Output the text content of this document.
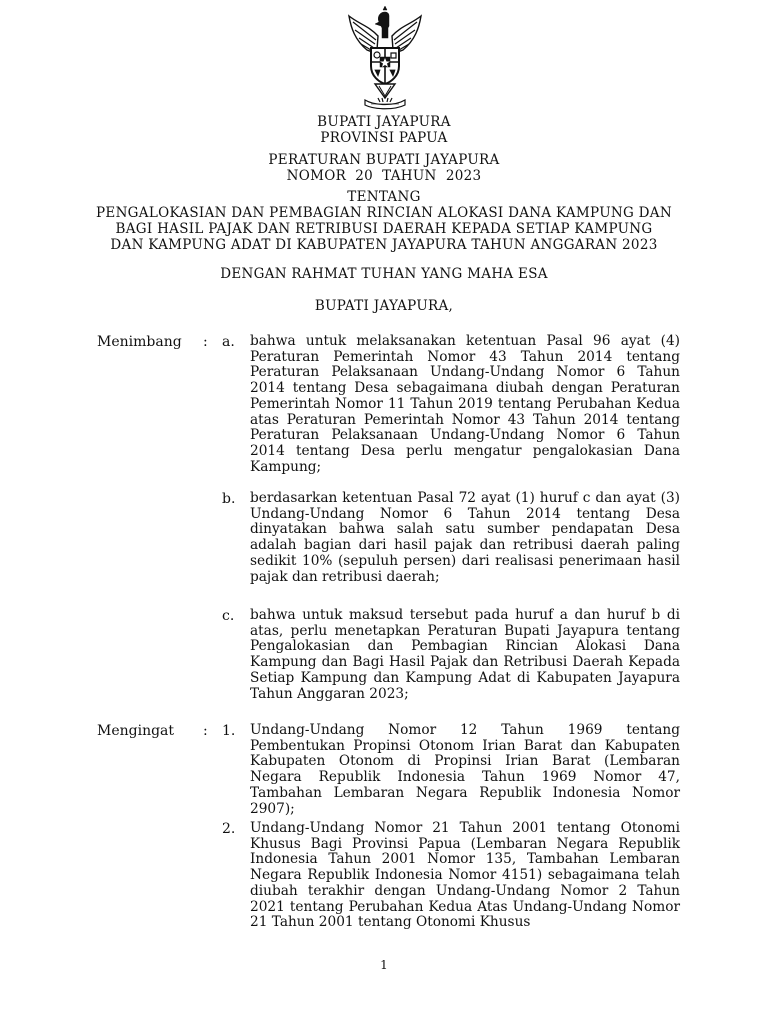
BUPATI JAYAPURA
PROVINSI PAPUA
PERATURAN BUPATI JAYAPURA
NOMOR  20  TAHUN  2023
TENTANG
PENGALOKASIAN DAN PEMBAGIAN RINCIAN ALOKASI DANA KAMPUNG DAN
BAGI HASIL PAJAK DAN RETRIBUSI DAERAH KEPADA SETIAP KAMPUNG
DAN KAMPUNG ADAT DI KABUPATEN JAYAPURA TAHUN ANGGARAN 2023
DENGAN RAHMAT TUHAN YANG MAHA ESA
BUPATI JAYAPURA,
Menimbang : a. bahwa untuk melaksanakan ketentuan Pasal 96 ayat (4) Peraturan Pemerintah Nomor 43 Tahun 2014 tentang Peraturan Pelaksanaan Undang-Undang Nomor 6 Tahun 2014 tentang Desa sebagaimana diubah dengan Peraturan Pemerintah Nomor 11 Tahun 2019 tentang Perubahan Kedua atas Peraturan Pemerintah Nomor 43 Tahun 2014 tentang Peraturan Pelaksanaan Undang-Undang Nomor 6 Tahun 2014 tentang Desa perlu mengatur pengalokasian Dana Kampung;
b. berdasarkan ketentuan Pasal 72 ayat (1) huruf c dan ayat (3) Undang-Undang Nomor 6 Tahun 2014 tentang Desa dinyatakan bahwa salah satu sumber pendapatan Desa adalah bagian dari hasil pajak dan retribusi daerah paling sedikit 10% (sepuluh persen) dari realisasi penerimaan hasil pajak dan retribusi daerah;
c. bahwa untuk maksud tersebut pada huruf a dan huruf b di atas, perlu menetapkan Peraturan Bupati Jayapura tentang Pengalokasian dan Pembagian Rincian Alokasi Dana Kampung dan Bagi Hasil Pajak dan Retribusi Daerah Kepada Setiap Kampung dan Kampung Adat di Kabupaten Jayapura Tahun Anggaran 2023;
Mengingat : 1. Undang-Undang Nomor 12 Tahun 1969 tentang Pembentukan Propinsi Otonom Irian Barat dan Kabupaten Kabupaten Otonom di Propinsi Irian Barat (Lembaran Negara Republik Indonesia Tahun 1969 Nomor 47, Tambahan Lembaran Negara Republik Indonesia Nomor 2907);
2. Undang-Undang Nomor 21 Tahun 2001 tentang Otonomi Khusus Bagi Provinsi Papua (Lembaran Negara Republik Indonesia Tahun 2001 Nomor 135, Tambahan Lembaran Negara Republik Indonesia Nomor 4151) sebagaimana telah diubah terakhir dengan Undang-Undang Nomor 2 Tahun 2021 tentang Perubahan Kedua Atas Undang-Undang Nomor 21 Tahun 2001 tentang Otonomi Khusus
1
